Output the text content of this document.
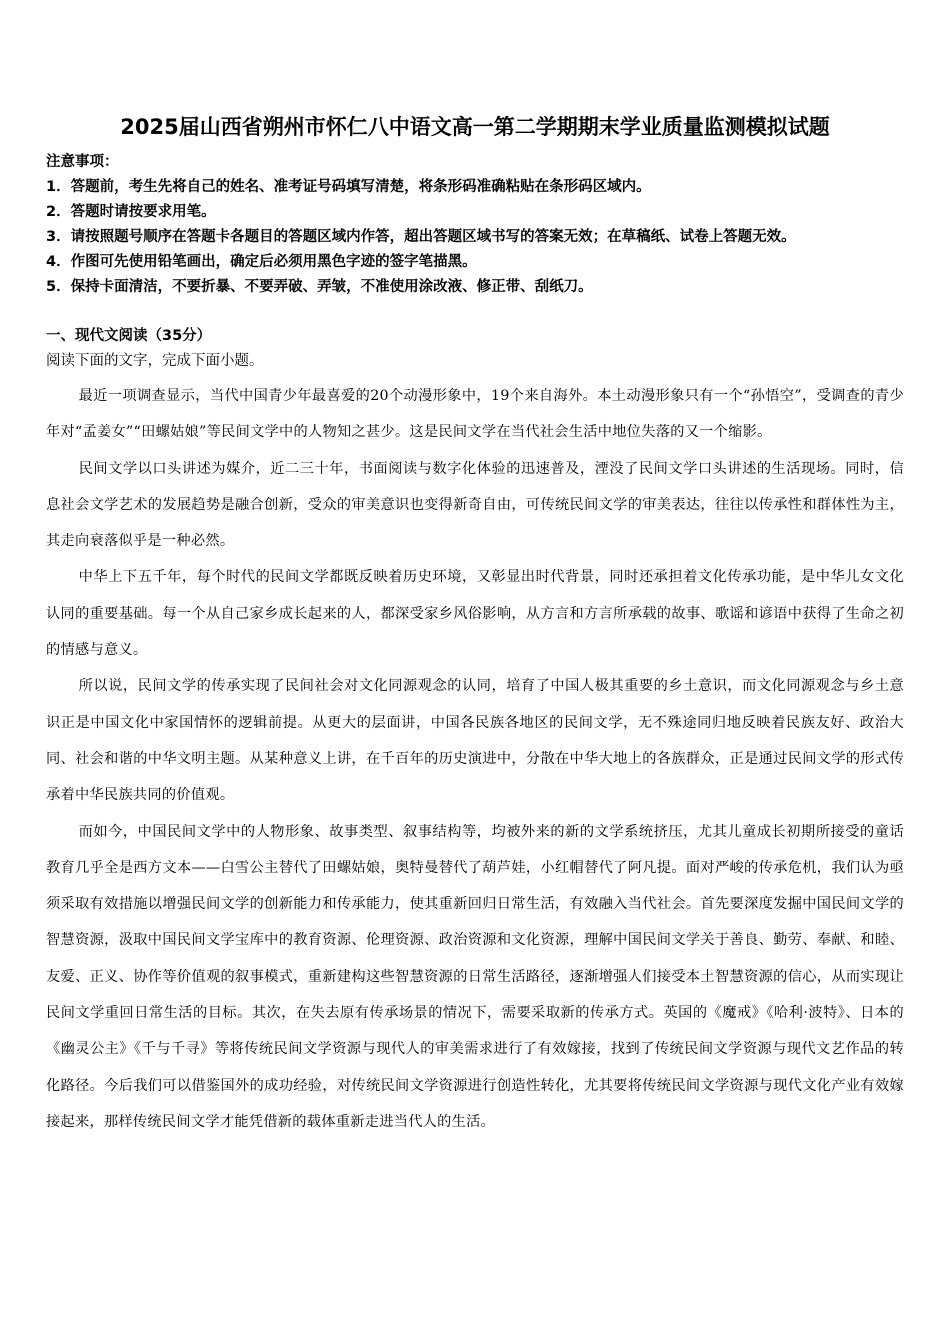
2025届山西省朔州市怀仁八中语文高一第二学期期末学业质量监测模拟试题
注意事项：
1．答题前，考生先将自己的姓名、准考证号码填写清楚，将条形码准确粘贴在条形码区域内。
2．答题时请按要求用笔。
3．请按照题号顺序在答题卡各题目的答题区域内作答，超出答题区域书写的答案无效；在草稿纸、试卷上答题无效。
4．作图可先使用铅笔画出，确定后必须用黑色字迹的签字笔描黑。
5．保持卡面清洁，不要折暴、不要弄破、弄皱，不准使用涂改液、修正带、刮纸刀。
一、现代文阅读（35分）
阅读下面的文字，完成下面小题。

最近一项调查显示，当代中国青少年最喜爱的20个动漫形象中，19个来自海外。本土动漫形象只有一个“孙悟空”，受调查的青少年对“孟姜女”“田螺姑娘”等民间文学中的人物知之甚少。这是民间文学在当代社会生活中地位失落的又一个缩影。

民间文学以口头讲述为媒介，近二三十年，书面阅读与数字化体验的迅速普及，湮没了民间文学口头讲述的生活现场。同时，信息社会文学艺术的发展趋势是融合创新，受众的审美意识也变得新奇自由，可传统民间文学的审美表达，往往以传承性和群体性为主，其走向衰落似乎是一种必然。

中华上下五千年，每个时代的民间文学都既反映着历史环境，又彰显出时代背景，同时还承担着文化传承功能，是中华儿女文化认同的重要基础。每一个从自己家乡成长起来的人，都深受家乡风俗影响，从方言和方言所承载的故事、歌谣和谚语中获得了生命之初的情感与意义。

所以说，民间文学的传承实现了民间社会对文化同源观念的认同，培育了中国人极其重要的乡土意识，而文化同源观念与乡土意识正是中国文化中家国情怀的逻辑前提。从更大的层面讲，中国各民族各地区的民间文学，无不殊途同归地反映着民族友好、政治大同、社会和谐的中华文明主题。从某种意义上讲，在千百年的历史演进中，分散在中华大地上的各族群众，正是通过民间文学的形式传承着中华民族共同的价值观。

而如今，中国民间文学中的人物形象、故事类型、叙事结构等，均被外来的新的文学系统挤压，尤其儿童成长初期所接受的童话教育几乎全是西方文本——白雪公主替代了田螺姑娘，奥特曼替代了葫芦娃，小红帽替代了阿凡提。面对严峻的传承危机，我们认为亟须采取有效措施以增强民间文学的创新能力和传承能力，使其重新回归日常生活，有效融入当代社会。首先要深度发掘中国民间文学的智慧资源，汲取中国民间文学宝库中的教育资源、伦理资源、政治资源和文化资源，理解中国民间文学关于善良、勤劳、奉献、和睦、友爱、正义、协作等价值观的叙事模式，重新建构这些智慧资源的日常生活路径，逐渐增强人们接受本土智慧资源的信心，从而实现让民间文学重回日常生活的目标。其次，在失去原有传承场景的情况下，需要采取新的传承方式。英国的《魔戒》《哈利·波特》、日本的《幽灵公主》《千与千寻》等将传统民间文学资源与现代人的审美需求进行了有效嫁接，找到了传统民间文学资源与现代文艺作品的转化路径。今后我们可以借鉴国外的成功经验，对传统民间文学资源进行创造性转化，尤其要将传统民间文学资源与现代文化产业有效嫁接起来，那样传统民间文学才能凭借新的载体重新走进当代人的生活。
